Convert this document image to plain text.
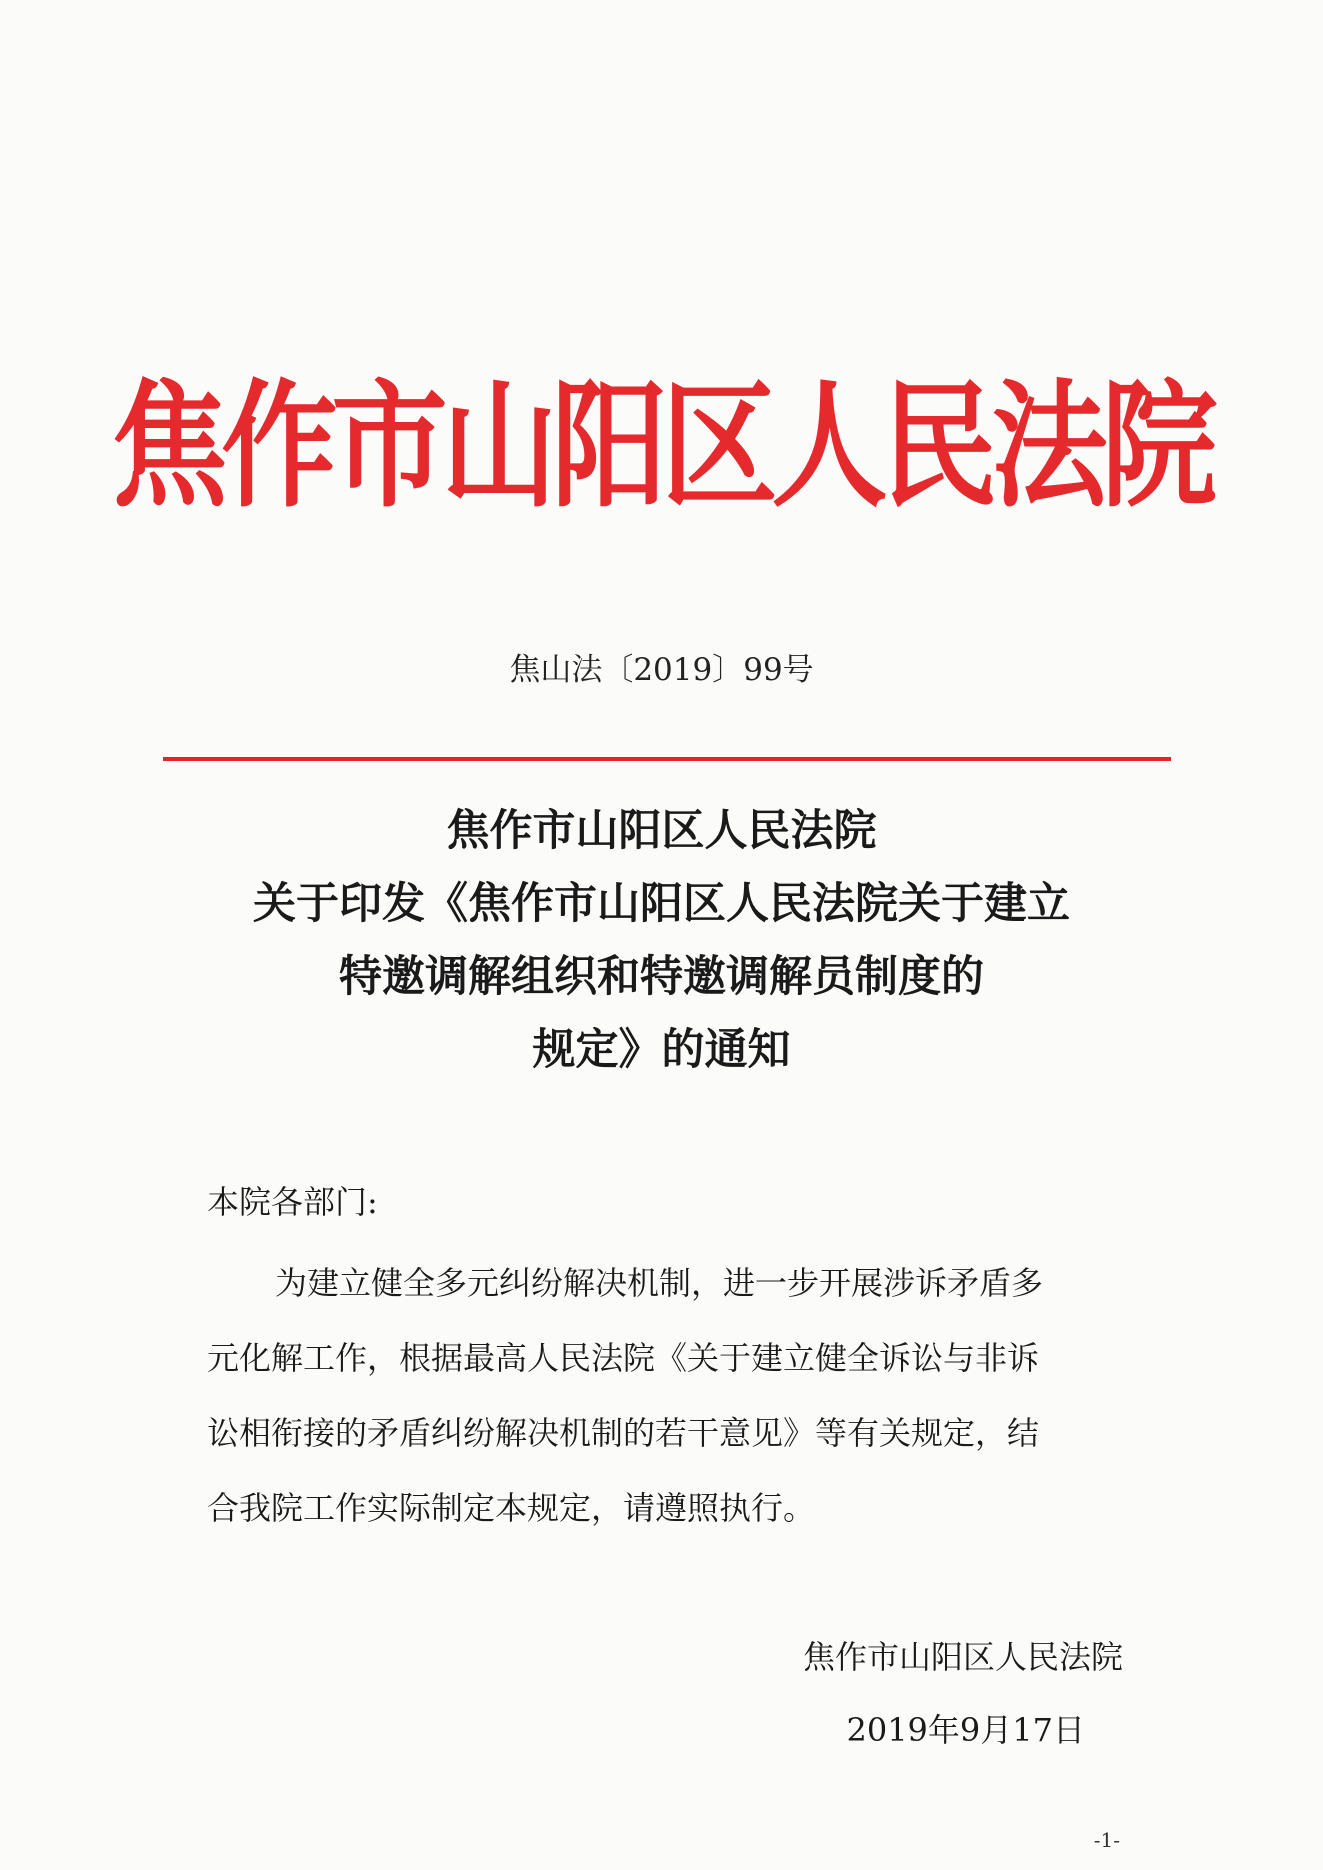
焦作市山阳区人民法院
焦山法〔2019〕99号
焦作市山阳区人民法院
关于印发《焦作市山阳区人民法院关于建立
特邀调解组织和特邀调解员制度的
规定》的通知
本院各部门:
为建立健全多元纠纷解决机制，进一步开展涉诉矛盾多
元化解工作，根据最高人民法院《关于建立健全诉讼与非诉
讼相衔接的矛盾纠纷解决机制的若干意见》等有关规定，结
合我院工作实际制定本规定，请遵照执行。
焦作市山阳区人民法院
2019年9月17日
-1-
